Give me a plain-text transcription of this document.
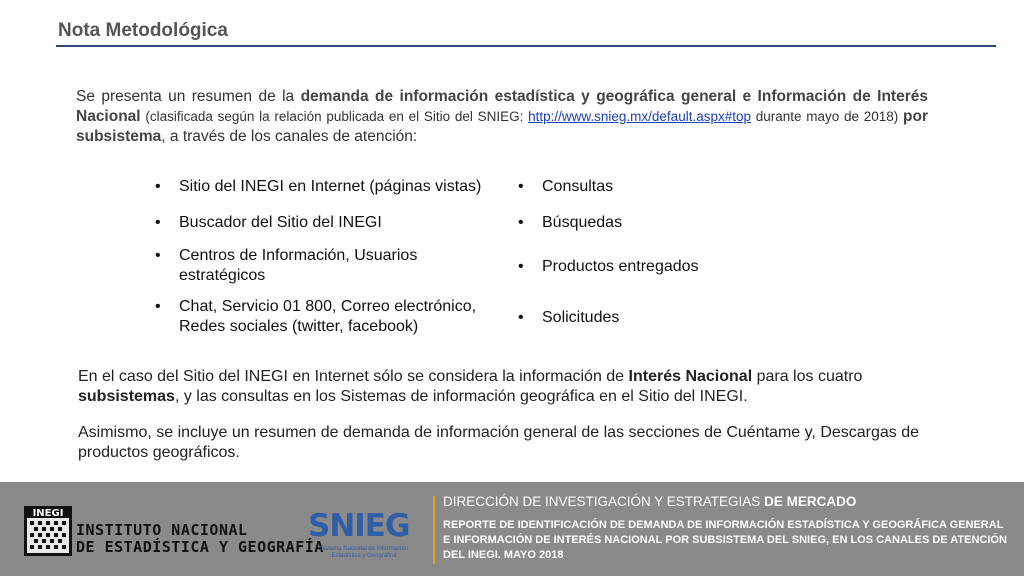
Nota Metodológica
Se presenta un resumen de la demanda de información estadística y geográfica general e Información de Interés Nacional (clasificada según la relación publicada en el Sitio del SNIEG: http://www.snieg.mx/default.aspx#top durante mayo de 2018) por subsistema, a través de los canales de atención:
• Sitio del INEGI en Internet (páginas vistas)
• Buscador del Sitio del INEGI
• Centros de Información, Usuarios estratégicos
• Chat, Servicio 01 800, Correo electrónico, Redes sociales (twitter, facebook)
• Consultas
• Búsquedas
• Productos entregados
• Solicitudes
En el caso del Sitio del INEGI en Internet sólo se considera la información de Interés Nacional para los cuatro subsistemas, y las consultas en los Sistemas de información geográfica en el Sitio del INEGI.
Asimismo, se incluye un resumen de demanda de información general de las secciones de Cuéntame y, Descargas de productos geográficos.
INEGI
INSTITUTO NACIONAL
DE ESTADÍSTICA Y GEOGRAFÍA
SNIEG
Sistema Nacional de Información Estadística y Geográfica
DIRECCIÓN DE INVESTIGACIÓN Y ESTRATEGIAS DE MERCADO
REPORTE DE IDENTIFICACIÓN DE DEMANDA DE INFORMACIÓN ESTADÍSTICA Y GEOGRÁFICA GENERAL E INFORMACIÓN DE INTERÉS NACIONAL POR SUBSISTEMA DEL SNIEG, EN LOS CANALES DE ATENCIÓN DEL INEGI. MAYO 2018
